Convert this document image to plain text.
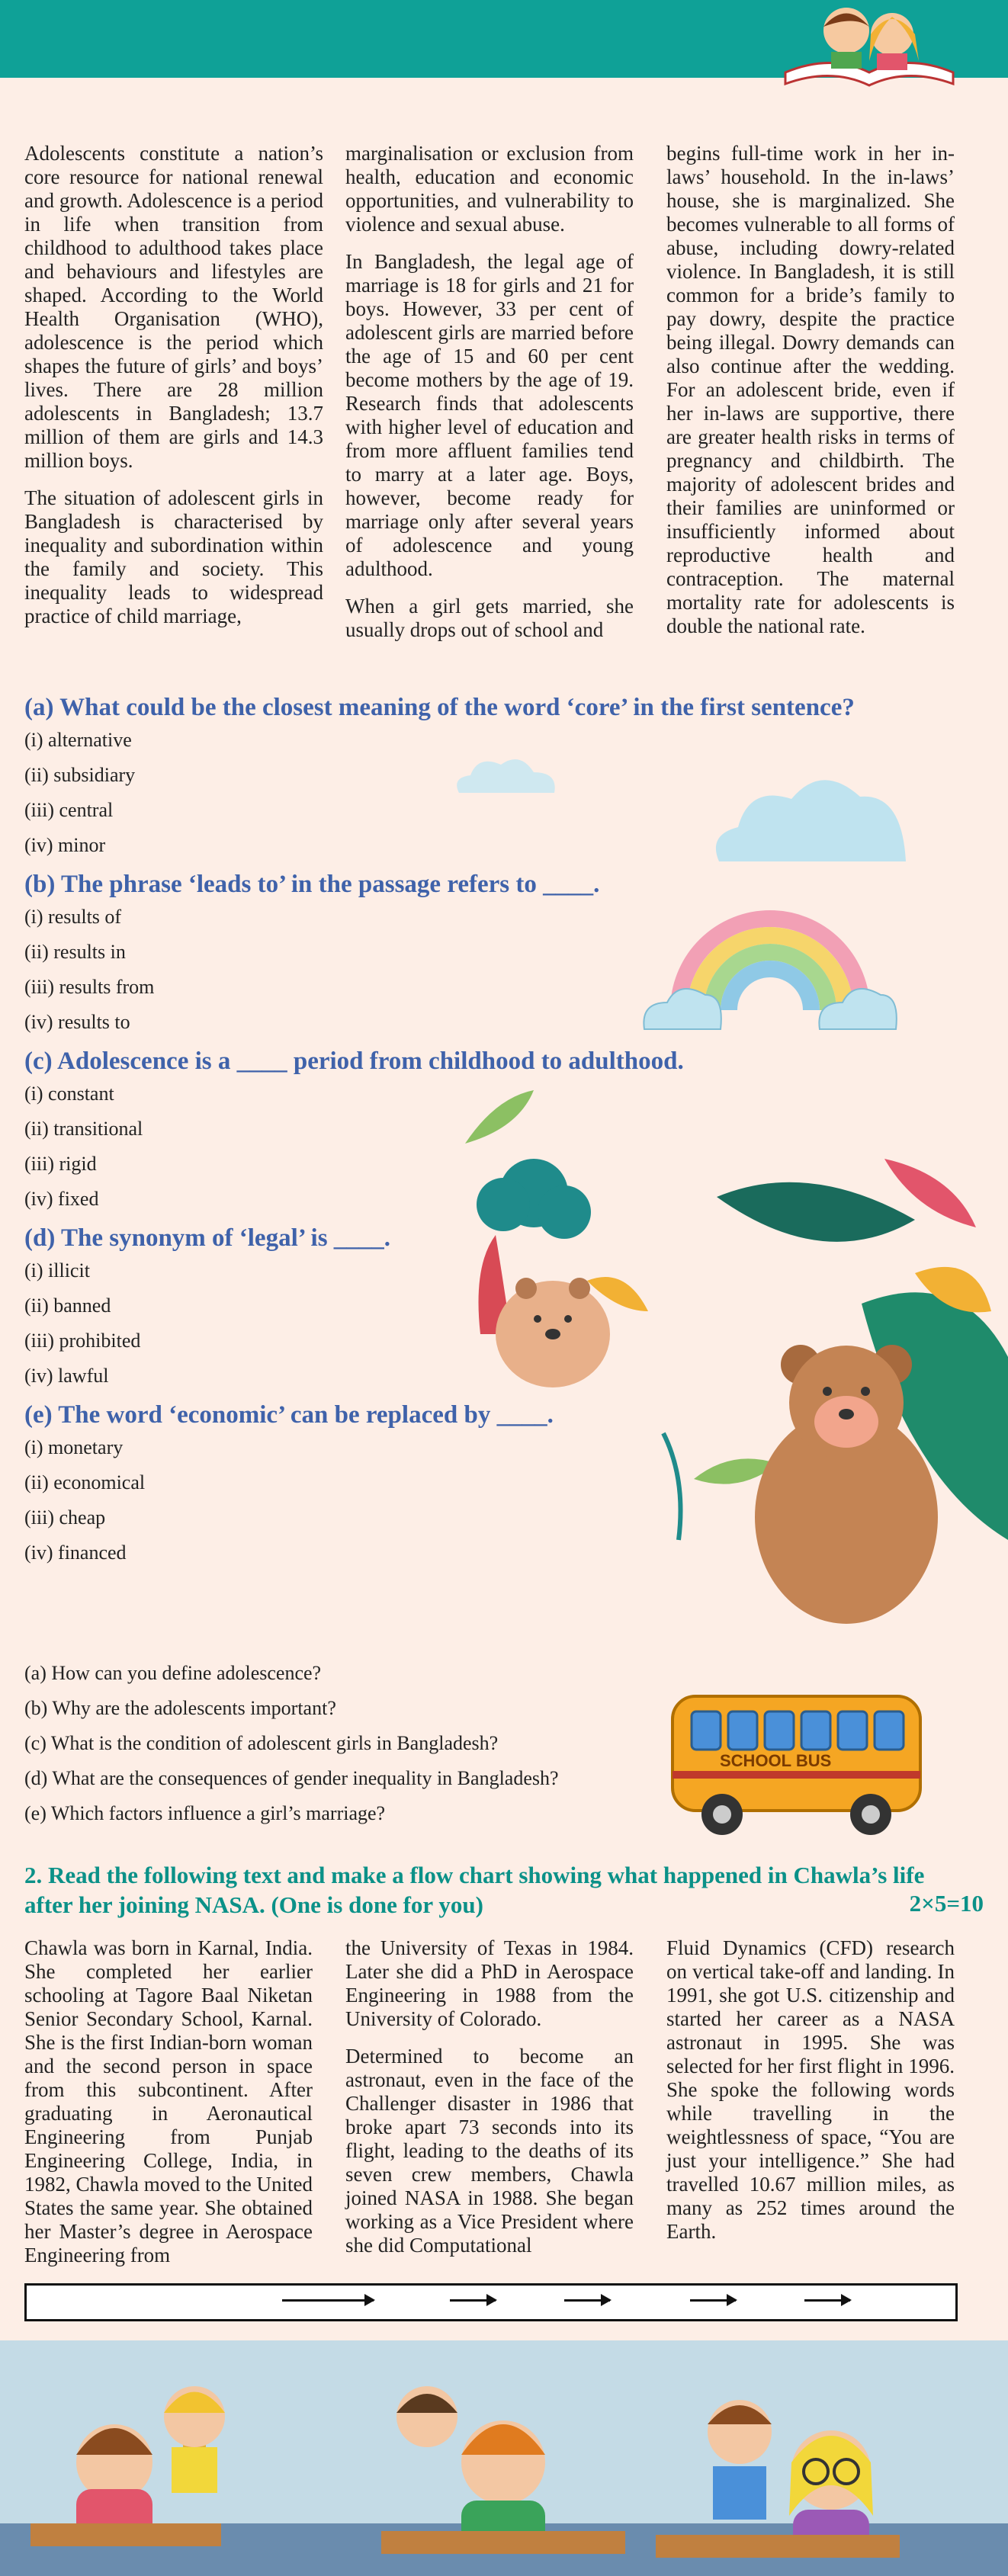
Adolescents constitute a nation’s core resource for national renewal and growth. Adolescence is a period in life when transition from childhood to adulthood takes place and behaviours and lifestyles are shaped. According to the World Health Organisation (WHO), adolescence is the period which shapes the future of girls’ and boys’ lives. There are 28 million adolescents in Bangladesh; 13.7 million of them are girls and 14.3 million boys.

The situation of adolescent girls in Bangladesh is characterised by inequality and subordination within the family and society. This inequality leads to widespread practice of child marriage,

marginalisation or exclusion from health, education and economic opportunities, and vulnerability to violence and sexual abuse.

In Bangladesh, the legal age of marriage is 18 for girls and 21 for boys. However, 33 per cent of adolescent girls are married before the age of 15 and 60 per cent become mothers by the age of 19. Research finds that adolescents with higher level of education and from more affluent families tend to marry at a later age. Boys, however, become ready for marriage only after several years of adolescence and young adulthood.

When a girl gets married, she usually drops out of school and

begins full-time work in her in-laws’ household. In the in-laws’ house, she is marginalized. She becomes vulnerable to all forms of abuse, including dowry-related violence. In Bangladesh, it is still common for a bride’s family to pay dowry, despite the practice being illegal. Dowry demands can also continue after the wedding. For an adolescent bride, even if her in-laws are supportive, there are greater health risks in terms of pregnancy and childbirth. The majority of adolescent brides and their families are uninformed or insufficiently informed about reproductive health and contraception. The maternal mortality rate for adolescents is double the national rate.

(a) What could be the closest meaning of the word ‘core’ in the first sentence?
(i) alternative
(ii) subsidiary
(iii) central
(iv) minor
(b) The phrase ‘leads to’ in the passage refers to ____.
(i) results of
(ii) results in
(iii) results from
(iv) results to
(c) Adolescence is a ____ period from childhood to adulthood.
(i) constant
(ii) transitional
(iii) rigid
(iv) fixed
(d) The synonym of ‘legal’ is ____.
(i) illicit
(ii) banned
(iii) prohibited
(iv) lawful
(e) The word ‘economic’ can be replaced by ____.
(i) monetary
(ii) economical
(iii) cheap
(iv) financed
(a) How can you define adolescence?
(b) Why are the adolescents important?
(c) What is the condition of adolescent girls in Bangladesh?
(d) What are the consequences of gender inequality in Bangladesh?
(e) Which factors influence a girl’s marriage?
SCHOOL BUS
2. Read the following text and make a flow chart showing what happened in Chawla’s life after her joining NASA. (One is done for you)	2×5=10

Chawla was born in Karnal, India. She completed her earlier schooling at Tagore Baal Niketan Senior Secondary School, Karnal. She is the first Indian-born woman and the second person in space from this subcontinent. After graduating in Aeronautical Engineering from Punjab Engineering College, India, in 1982, Chawla moved to the United States the same year. She obtained her Master’s degree in Aerospace Engineering from

the University of Texas in 1984. Later she did a PhD in Aerospace Engineering in 1988 from the University of Colorado.

Determined to become an astronaut, even in the face of the Challenger disaster in 1986 that broke apart 73 seconds into its flight, leading to the deaths of its seven crew members, Chawla joined NASA in 1988. She began working as a Vice President where she did Computational

Fluid Dynamics (CFD) research on vertical take-off and landing. In 1991, she got U.S. citizenship and started her career as a NASA astronaut in 1995. She was selected for her first flight in 1996. She spoke the following words while travelling in the weightlessness of space, “You are just your intelligence.” She had travelled 10.67 million miles, as many as 252 times around the Earth.
